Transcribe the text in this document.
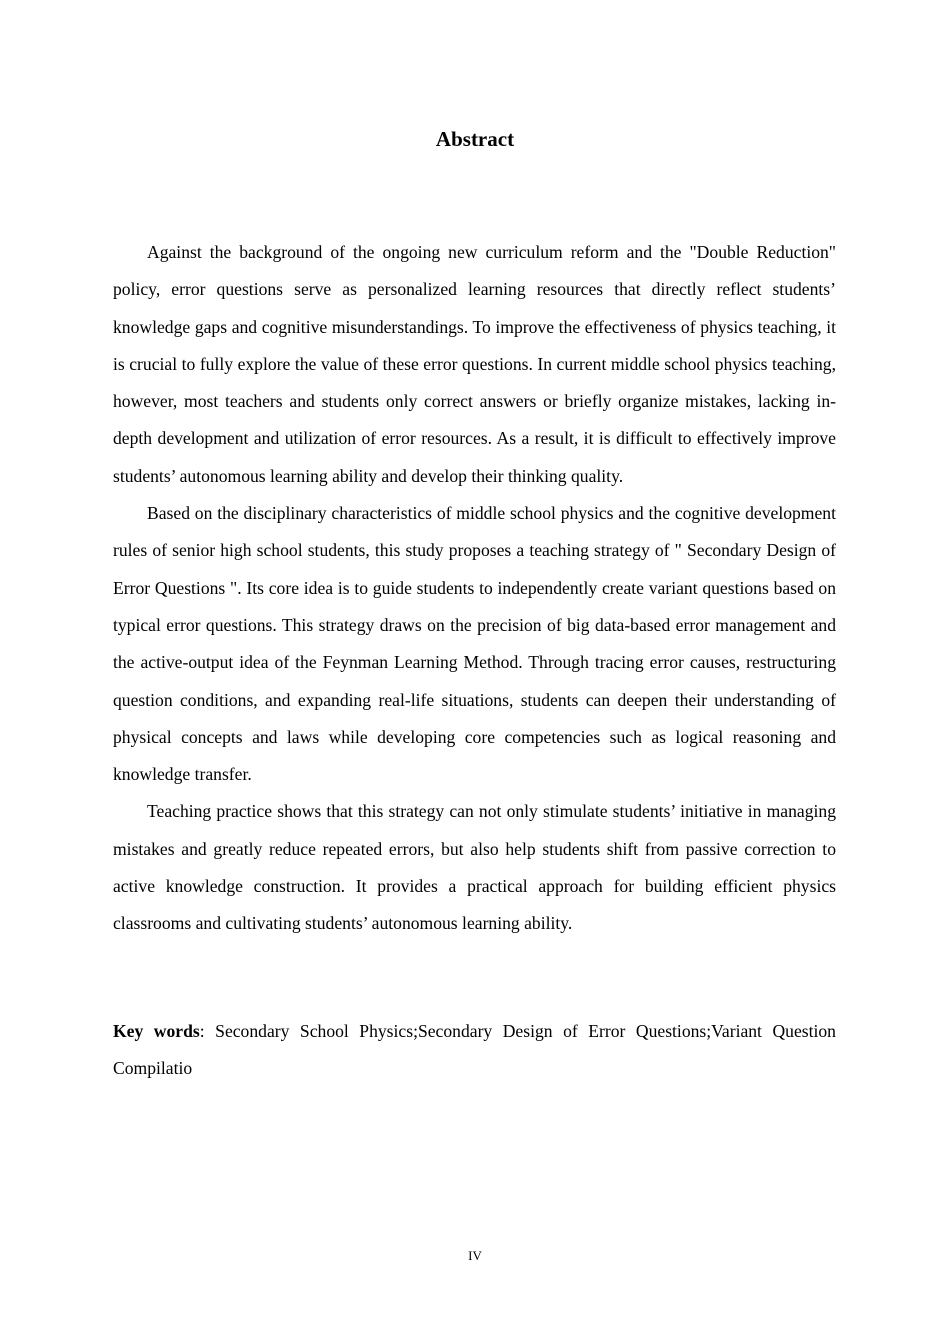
Abstract

Against the background of the ongoing new curriculum reform and the "Double Reduction" policy, error questions serve as personalized learning resources that directly reflect students’ knowledge gaps and cognitive misunderstandings. To improve the effectiveness of physics teaching, it is crucial to fully explore the value of these error questions. In current middle school physics teaching, however, most teachers and students only correct answers or briefly organize mistakes, lacking in-depth development and utilization of error resources. As a result, it is difficult to effectively improve students’ autonomous learning ability and develop their thinking quality.

Based on the disciplinary characteristics of middle school physics and the cognitive development rules of senior high school students, this study proposes a teaching strategy of " Secondary Design of Error Questions ". Its core idea is to guide students to independently create variant questions based on typical error questions. This strategy draws on the precision of big data-based error management and the active-output idea of the Feynman Learning Method. Through tracing error causes, restructuring question conditions, and expanding real-life situations, students can deepen their understanding of physical concepts and laws while developing core competencies such as logical reasoning and knowledge transfer.

Teaching practice shows that this strategy can not only stimulate students’ initiative in managing mistakes and greatly reduce repeated errors, but also help students shift from passive correction to active knowledge construction. It provides a practical approach for building efficient physics classrooms and cultivating students’ autonomous learning ability.

Key words: Secondary School Physics;Secondary Design of Error Questions;Variant Question Compilatio
IV
